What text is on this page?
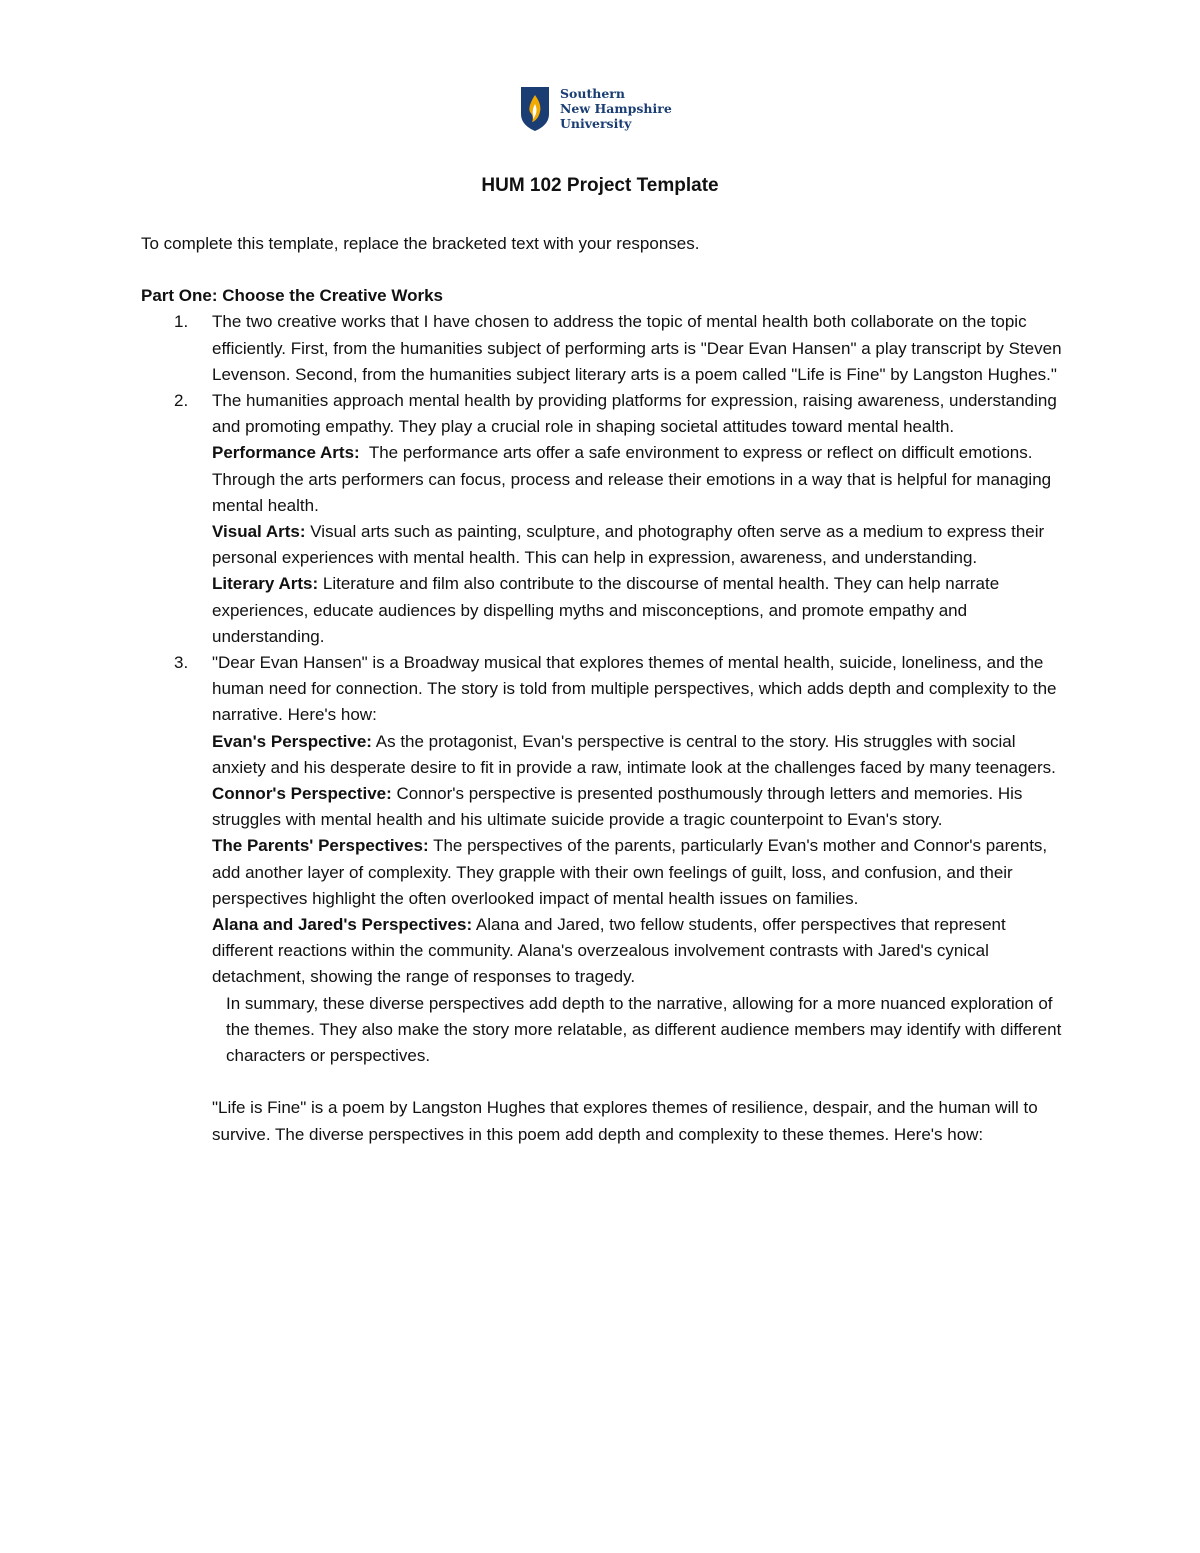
Southern
New Hampshire
University
HUM 102 Project Template

To complete this template, replace the bracketed text with your responses.

Part One: Choose the Creative Works

1. The two creative works that I have chosen to address the topic of mental health both collaborate on the topic efficiently. First, from the humanities subject of performing arts is "Dear Evan Hansen" a play transcript by Steven Levenson. Second, from the humanities subject literary arts is a poem called "Life is Fine" by Langston Hughes."

2. The humanities approach mental health by providing platforms for expression, raising awareness, understanding and promoting empathy. They play a crucial role in shaping societal attitudes toward mental health.

Performance Arts:  The performance arts offer a safe environment to express or reflect on difficult emotions. Through the arts performers can focus, process and release their emotions in a way that is helpful for managing mental health.

Visual Arts: Visual arts such as painting, sculpture, and photography often serve as a medium to express their personal experiences with mental health. This can help in expression, awareness, and understanding.

Literary Arts: Literature and film also contribute to the discourse of mental health. They can help narrate experiences, educate audiences by dispelling myths and misconceptions, and promote empathy and understanding.

3. "Dear Evan Hansen" is a Broadway musical that explores themes of mental health, suicide, loneliness, and the human need for connection. The story is told from multiple perspectives, which adds depth and complexity to the narrative. Here's how:

Evan's Perspective: As the protagonist, Evan's perspective is central to the story. His struggles with social anxiety and his desperate desire to fit in provide a raw, intimate look at the challenges faced by many teenagers.

Connor's Perspective: Connor's perspective is presented posthumously through letters and memories. His struggles with mental health and his ultimate suicide provide a tragic counterpoint to Evan's story.

The Parents' Perspectives: The perspectives of the parents, particularly Evan's mother and Connor's parents, add another layer of complexity. They grapple with their own feelings of guilt, loss, and confusion, and their perspectives highlight the often overlooked impact of mental health issues on families.

Alana and Jared's Perspectives: Alana and Jared, two fellow students, offer perspectives that represent different reactions within the community. Alana's overzealous involvement contrasts with Jared's cynical detachment, showing the range of responses to tragedy.

In summary, these diverse perspectives add depth to the narrative, allowing for a more nuanced exploration of the themes. They also make the story more relatable, as different audience members may identify with different characters or perspectives.

"Life is Fine" is a poem by Langston Hughes that explores themes of resilience, despair, and the human will to survive. The diverse perspectives in this poem add depth and complexity to these themes. Here's how:
